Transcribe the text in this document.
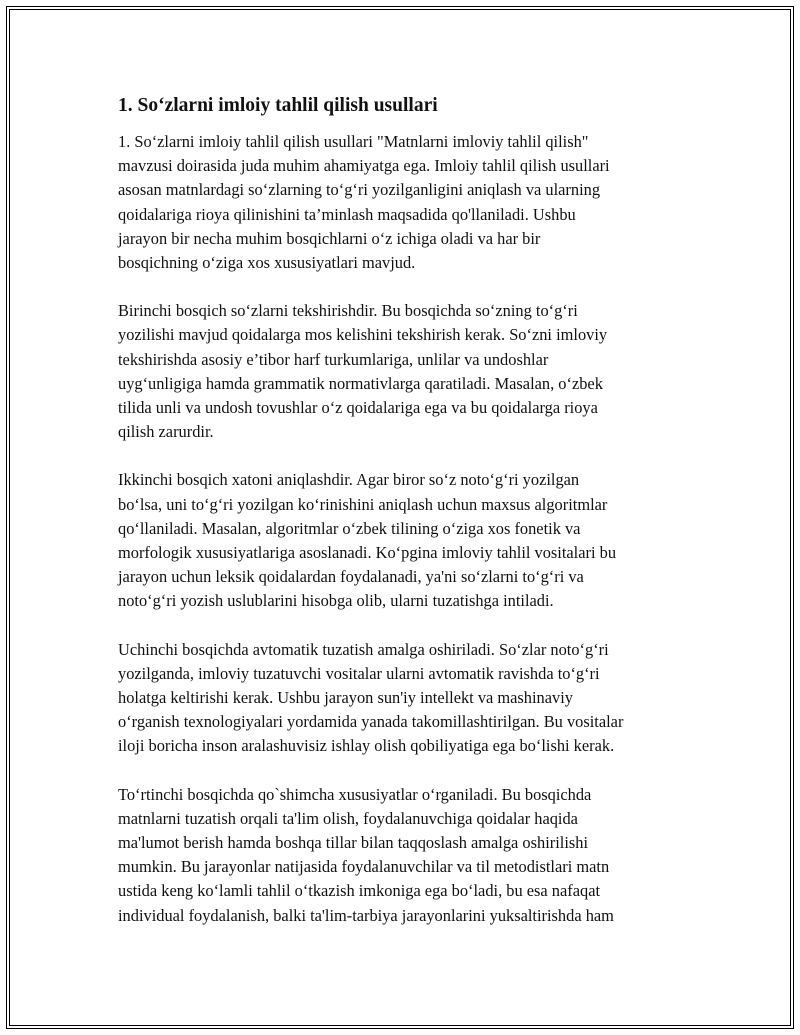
1. So‘zlarni imloiy tahlil qilish usullari
1. So‘zlarni imloiy tahlil qilish usullari "Matnlarni imloviy tahlil qilish"
mavzusi doirasida juda muhim ahamiyatga ega. Imloiy tahlil qilish usullari
asosan matnlardagi so‘zlarning to‘g‘ri yozilganligini aniqlash va ularning
qoidalariga rioya qilinishini ta’minlash maqsadida qo'llaniladi. Ushbu
jarayon bir necha muhim bosqichlarni o‘z ichiga oladi va har bir
bosqichning o‘ziga xos xususiyatlari mavjud.
Birinchi bosqich so‘zlarni tekshirishdir. Bu bosqichda so‘zning to‘g‘ri
yozilishi mavjud qoidalarga mos kelishini tekshirish kerak. So‘zni imloviy
tekshirishda asosiy e’tibor harf turkumlariga, unlilar va undoshlar
uyg‘unligiga hamda grammatik normativlarga qaratiladi. Masalan, o‘zbek
tilida unli va undosh tovushlar o‘z qoidalariga ega va bu qoidalarga rioya
qilish zarurdir.
Ikkinchi bosqich xatoni aniqlashdir. Agar biror so‘z noto‘g‘ri yozilgan
bo‘lsa, uni to‘g‘ri yozilgan ko‘rinishini aniqlash uchun maxsus algoritmlar
qo‘llaniladi. Masalan, algoritmlar o‘zbek tilining o‘ziga xos fonetik va
morfologik xususiyatlariga asoslanadi. Ko‘pgina imloviy tahlil vositalari bu
jarayon uchun leksik qoidalardan foydalanadi, ya'ni so‘zlarni to‘g‘ri va
noto‘g‘ri yozish uslublarini hisobga olib, ularni tuzatishga intiladi.
Uchinchi bosqichda avtomatik tuzatish amalga oshiriladi. So‘zlar noto‘g‘ri
yozilganda, imloviy tuzatuvchi vositalar ularni avtomatik ravishda to‘g‘ri
holatga keltirishi kerak. Ushbu jarayon sun'iy intellekt va mashinaviy
o‘rganish texnologiyalari yordamida yanada takomillashtirilgan. Bu vositalar
iloji boricha inson aralashuvisiz ishlay olish qobiliyatiga ega bo‘lishi kerak.
To‘rtinchi bosqichda qo`shimcha xususiyatlar o‘rganiladi. Bu bosqichda
matnlarni tuzatish orqali ta'lim olish, foydalanuvchiga qoidalar haqida
ma'lumot berish hamda boshqa tillar bilan taqqoslash amalga oshirilishi
mumkin. Bu jarayonlar natijasida foydalanuvchilar va til metodistlari matn
ustida keng ko‘lamli tahlil o‘tkazish imkoniga ega bo‘ladi, bu esa nafaqat
individual foydalanish, balki ta'lim-tarbiya jarayonlarini yuksaltirishda ham
